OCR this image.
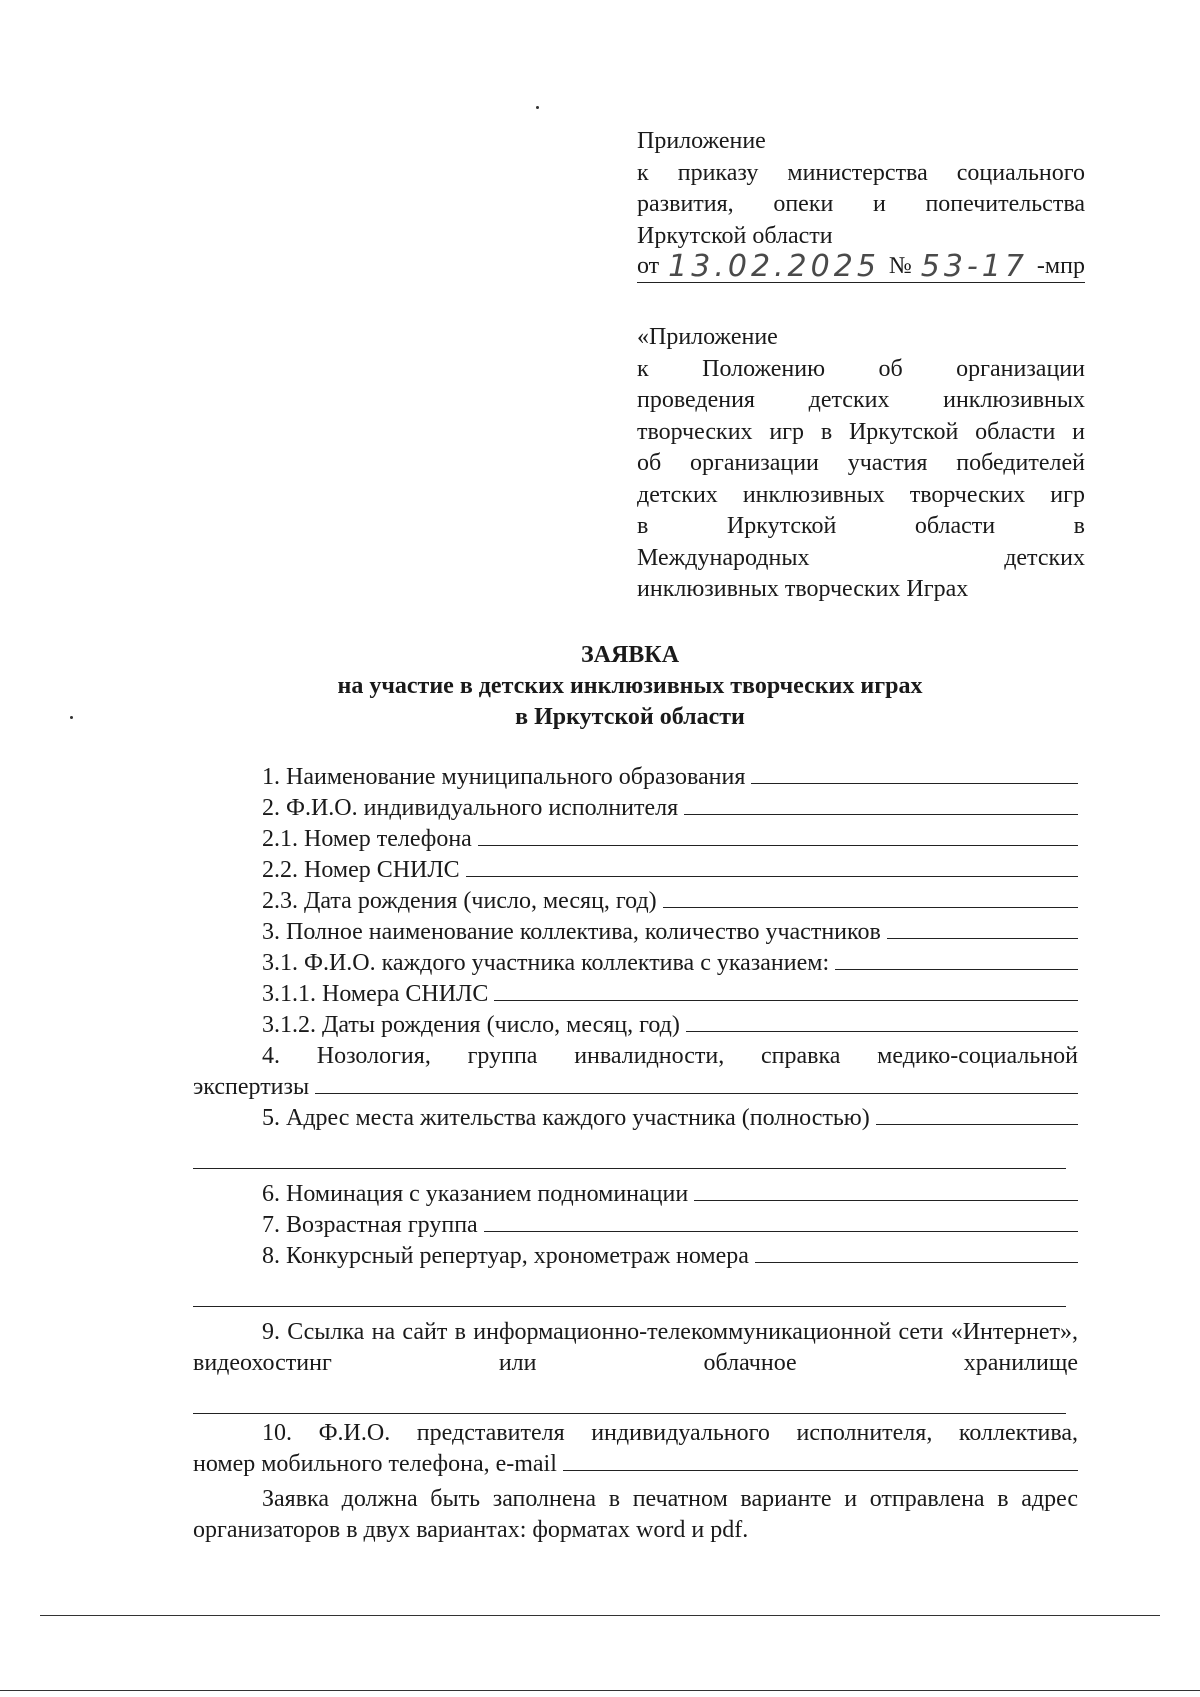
Приложение

к приказу министерства социального

развития, опеки и попечительства

Иркутской области

от 13.02.2025 № 53-17 -мпр

«Приложение

к Положению об организации

проведения детских инклюзивных

творческих игр в Иркутской области и

об организации участия победителей

детских инклюзивных творческих игр

в Иркутской области в

Международных детских

инклюзивных творческих Играх

ЗАЯВКА
на участие в детских инклюзивных творческих играх
в Иркутской области
1. Наименование муниципального образования
2. Ф.И.О. индивидуального исполнителя
2.1. Номер телефона
2.2. Номер СНИЛС
2.3. Дата рождения (число, месяц, год)
3. Полное наименование коллектива, количество участников
3.1. Ф.И.О. каждого участника коллектива с указанием:
3.1.1. Номера СНИЛС
3.1.2. Даты рождения (число, месяц, год)
4. Нозология, группа инвалидности, справка медико-социальной
экспертизы
5. Адрес места жительства каждого участника (полностью)
6. Номинация с указанием подноминации
7. Возрастная группа
8. Конкурсный репертуар, хронометраж номера
9. Ссылка на сайт в информационно-телекоммуникационной сети «Интернет», видеохостинг или облачное хранилище
10. Ф.И.О. представителя индивидуального исполнителя, коллектива,
номер мобильного телефона, e-mail
Заявка должна быть заполнена в печатном варианте и отправлена в адрес организаторов в двух вариантах: форматах word и pdf.
